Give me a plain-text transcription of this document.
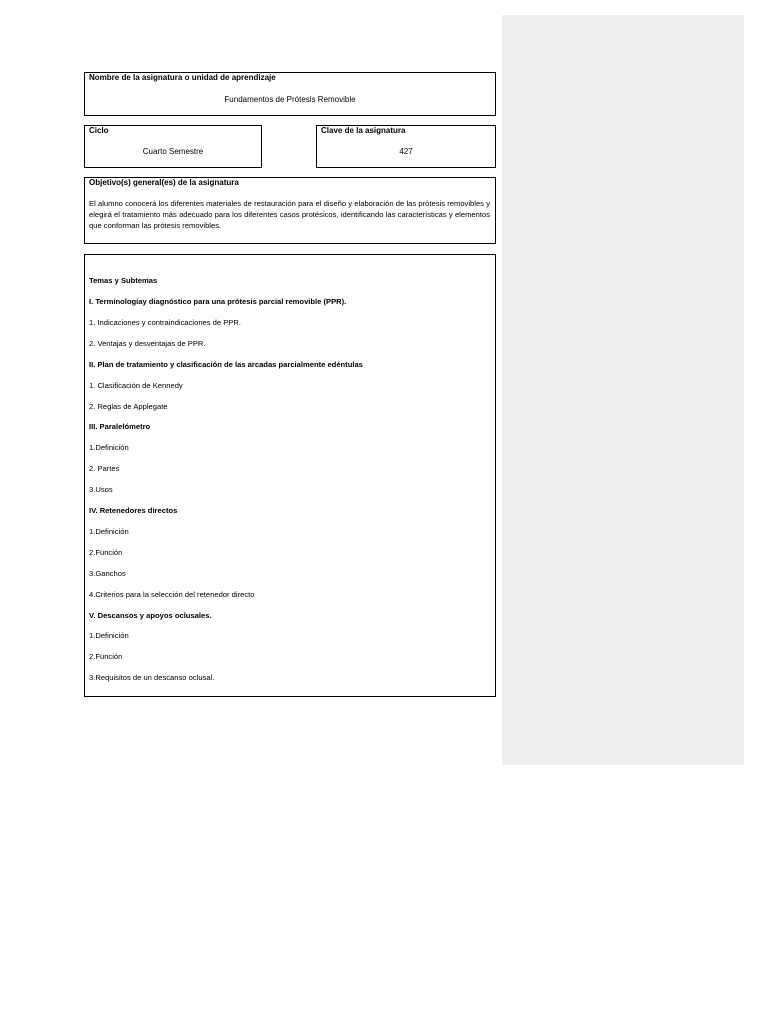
Nombre de la asignatura o unidad de aprendizaje
Fundamentos de Prótesis Removible
Ciclo
Cuarto Semestre
Clave de la asignatura
427
Objetivo(s) general(es) de la asignatura
El alumno conocerá los diferentes materiales de restauración para el diseño y elaboración de las prótesis removibles y elegirá el tratamiento más adecuado para los diferentes casos protésicos, identificando las características y elementos que conforman las prótesis removibles.
Temas y Subtemas
I. Terminologíay diagnóstico para una prótesis parcial removible (PPR).
1. Indicaciones y contraindicaciones de PPR.
2. Ventajas y desventajas de PPR.
II. Plan de tratamiento y clasificación de las arcadas parcialmente edéntulas
1. Clasificación de Kennedy
2. Reglas de Applegate
III. Paralelómetro
1.Definición
2. Partes
3.Usos
IV. Retenedores directos
1.Definición
2.Función
3.Ganchos
4.Criterios para la selección del retenedor directo
V. Descansos y apoyos oclusales.
1.Definición
2.Función
3.Requisitos de un descanso oclusal.
